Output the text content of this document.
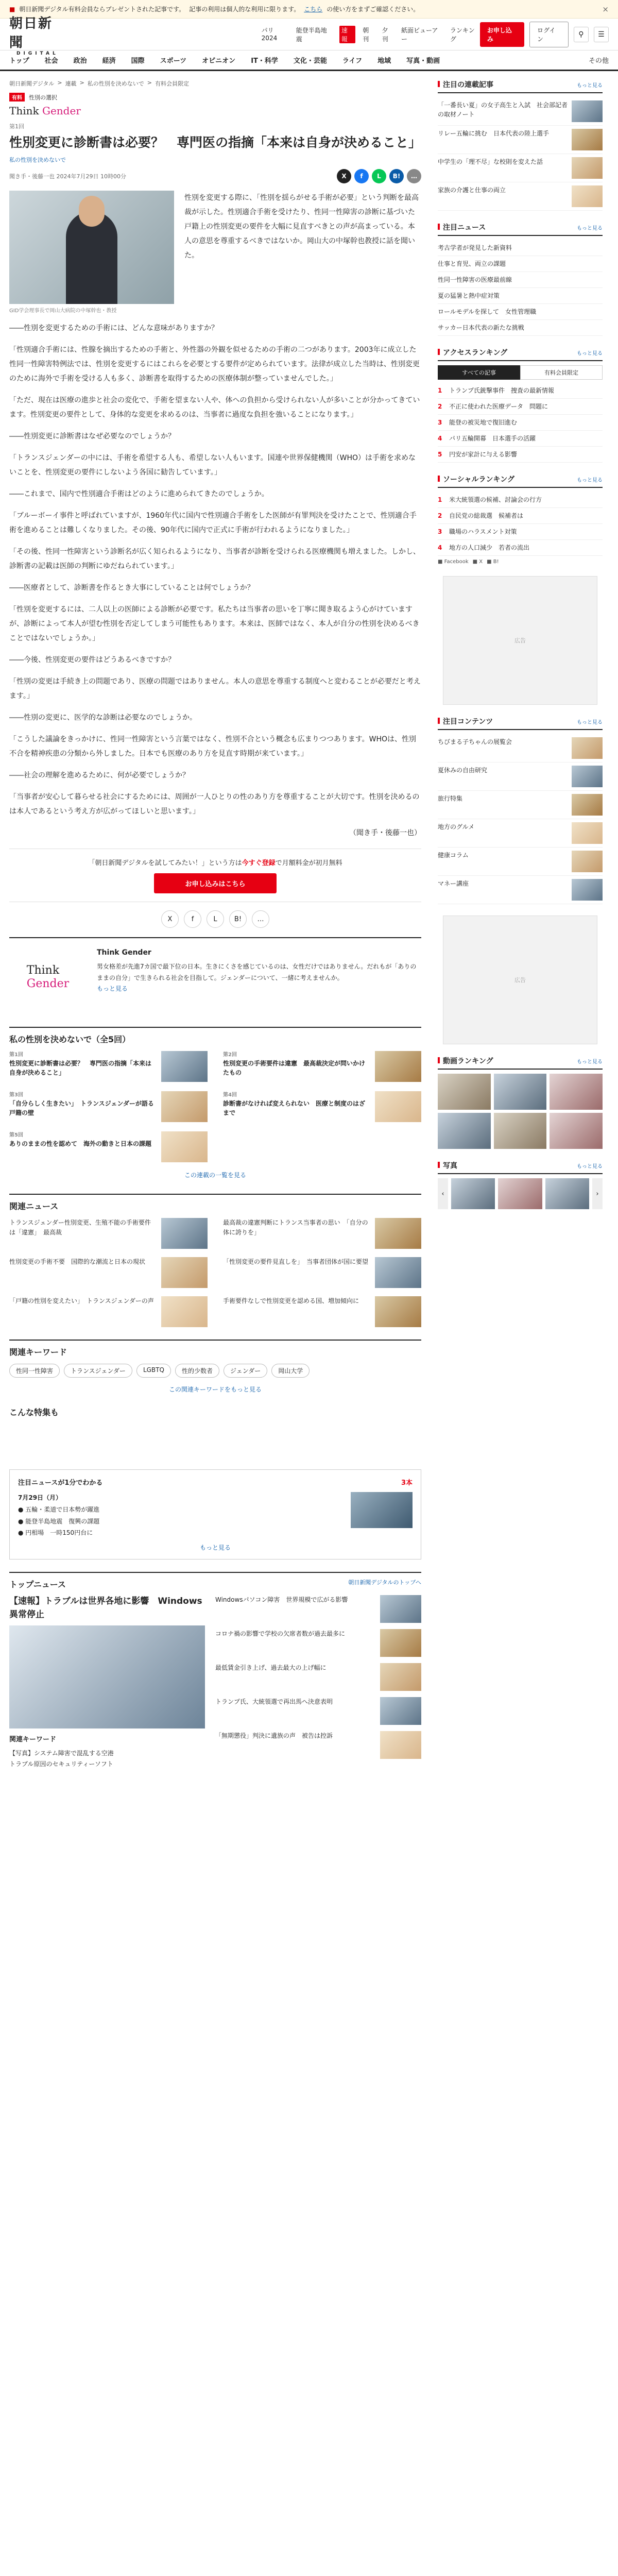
■ 朝日新聞デジタル有料会員ならプレゼントされた記事です。 記事の利用は個人的な利用に限ります。 こちら の使い方をまずご確認ください。	×
朝日新聞
DIGITAL
パリ2024
能登半島地震
速報
朝刊
夕刊
紙面ビューアー
ランキング
お申し込み
ログイン
⚲	☰
トップ 社会 政治 経済 国際 スポーツ オピニオン IT・科学 文化・芸能 ライフ 地域 写真・動画	その他
朝日新聞デジタル > 連載 > 私の性別を決めないで > 有料会員限定
有料	性別の選択
Think Gender
第1回
性別変更に診断書は必要？　専門医の指摘「本来は自身が決めること」
私の性別を決めないで
聞き手・後藤一也 2024年7月29日 10時00分	X	f	L	B!	…
GID学会理事長で岡山大病院の中塚幹也・教授
性別を変更する際に、「性別を揺らがせる手術が必要」という判断を最高裁が示した。性別適合手術を受けたり、性同一性障害の診断に基づいた戸籍上の性別変更の要件を大幅に見直すべきとの声が高まっている。本人の意思を尊重するべきではないか。岡山大の中塚幹也教授に話を聞いた。

――性別を変更するための手術には、どんな意味がありますか？

「性別適合手術には、性腺を摘出するための手術と、外性器の外観を似せるための手術の二つがあります。2003年に成立した性同一性障害特例法では、性別を変更するにはこれらを必要とする要件が定められています。法律が成立した当時は、性別変更のために海外で手術を受ける人も多く、診断書を取得するための医療体制が整っていませんでした。」

「ただ、現在は医療の進歩と社会の変化で、手術を望まない人や、体への負担から受けられない人が多いことが分かってきています。性別変更の要件として、身体的な変更を求めるのは、当事者に過度な負担を強いることになります。」

――性別変更に診断書はなぜ必要なのでしょうか？

「トランスジェンダーの中には、手術を希望する人も、希望しない人もいます。国連や世界保健機関（WHO）は手術を求めないことを、性別変更の要件にしないよう各国に勧告しています。」

――これまで、国内で性別適合手術はどのように進められてきたのでしょうか。

「ブルーボーイ事件と呼ばれていますが、1960年代に国内で性別適合手術をした医師が有罪判決を受けたことで、性別適合手術を進めることは難しくなりました。その後、90年代に国内で正式に手術が行われるようになりました。」

「その後、性同一性障害という診断名が広く知られるようになり、当事者が診断を受けられる医療機関も増えました。しかし、診断書の記載は医師の判断にゆだねられています。」

――医療者として、診断書を作るとき大事にしていることは何でしょうか？

「性別を変更するには、二人以上の医師による診断が必要です。私たちは当事者の思いを丁寧に聞き取るよう心がけていますが、診断によって本人が望む性別を否定してしまう可能性もあります。本来は、医師ではなく、本人が自分の性別を決めるべきことではないでしょうか。」

――今後、性別変更の要件はどうあるべきですか？

「性別の変更は手続き上の問題であり、医療の問題ではありません。本人の意思を尊重する制度へと変わることが必要だと考えます。」

――性別の変更に、医学的な診断は必要なのでしょうか。

「こうした議論をきっかけに、性同一性障害という言葉ではなく、性別不合という概念も広まりつつあります。WHOは、性別不合を精神疾患の分類から外しました。日本でも医療のあり方を見直す時期が来ています。」

――社会の理解を進めるために、何が必要でしょうか？

「当事者が安心して暮らせる社会にするためには、周囲が一人ひとりの性のあり方を尊重することが大切です。性別を決めるのは本人であるという考え方が広がってほしいと思います。」

（聞き手・後藤一也）

「朝日新聞デジタルを試してみたい！」という方は今すぐ登録で月額料金が初月無料
お申し込みはこちら
X	f	L	B!	…
Think
Gender
Think Gender
男女格差が先進7カ国で最下位の日本。生きにくさを感じているのは、女性だけではありません。だれもが「ありのままの自分」で生きられる社会を目指して。ジェンダーについて、一緒に考えませんか。
もっと見る
私の性別を決めないで（全5回）
第1回
性別変更に診断書は必要？　専門医の指摘「本来は自身が決めること」
第2回
性別変更の手術要件は違憲　最高裁決定が問いかけたもの
第3回
「自分らしく生きたい」　トランスジェンダーが語る戸籍の壁
第4回
診断書がなければ変えられない　医療と制度のはざまで
第5回
ありのままの性を認めて　海外の動きと日本の課題
この連載の一覧を見る
関連ニュース
トランスジェンダー性別変更、生殖不能の手術要件は「違憲」　最高裁
最高裁の違憲判断にトランス当事者の思い　「自分の体に誇りを」
性別変更の手術不要　国際的な潮流と日本の現状	「性別変更の要件見直しを」　当事者団体が国に要望
「戸籍の性別を変えたい」　トランスジェンダーの声	手術要件なしで性別変更を認める国、増加傾向に
関連キーワード
性同一性障害	トランスジェンダー	LGBTQ	性的少数者	ジェンダー	岡山大学
この関連キーワードをもっと見る
こんな特集も
注目ニュースが1分でわかる	3本
7月29日（月）
● 五輪・柔道で日本勢が躍進
● 能登半島地震　復興の課題
● 円相場　一時150円台に
もっと見る
トップニュース	朝日新聞デジタルのトップへ
【速報】トラブルは世界各地に影響　Windows異常停止
関連キーワード
【写真】システム障害で混乱する空港
トラブル原因のセキュリティーソフト
Windowsパソコン障害　世界規模で広がる影響
コロナ禍の影響で学校の欠席者数が過去最多に
最低賃金引き上げ、過去最大の上げ幅に
トランプ氏、大統領選で再出馬へ決意表明
「無期懲役」判決に遺族の声　被告は控訴
注目の連載記事	もっと見る
「一番長い夏」の女子高生と入試　社会部記者の取材ノート
リレー五輪に挑む　日本代表の陸上選手
中学生の「理不尽」な校則を変えた話
家族の介護と仕事の両立
注目ニュース	もっと見る
考古学者が発見した新資料
仕事と育児、両立の課題
性同一性障害の医療最前線
夏の猛暑と熱中症対策
ロールモデルを探して　女性管理職
サッカー日本代表の新たな挑戦
アクセスランキング	もっと見る
すべての記事	有料会員限定
1	トランプ氏銃撃事件　捜査の最新情報
2	不正に使われた医療データ　問題に
3	能登の被災地で復旧進む
4	パリ五輪開幕　日本選手の活躍
5	円安が家計に与える影響
ソーシャルランキング	もっと見る
1	米大統領選の候補、討論会の行方
2	自民党の総裁選　候補者は
3	職場のハラスメント対策
4	地方の人口減少　若者の流出
■ Facebook ■ X ■ B!
広告
注目コンテンツ	もっと見る
ちびまる子ちゃんの展覧会
夏休みの自由研究
旅行特集
地方のグルメ
健康コラム
マネー講座
広告
動画ランキング	もっと見る
写真	もっと見る
‹	›
